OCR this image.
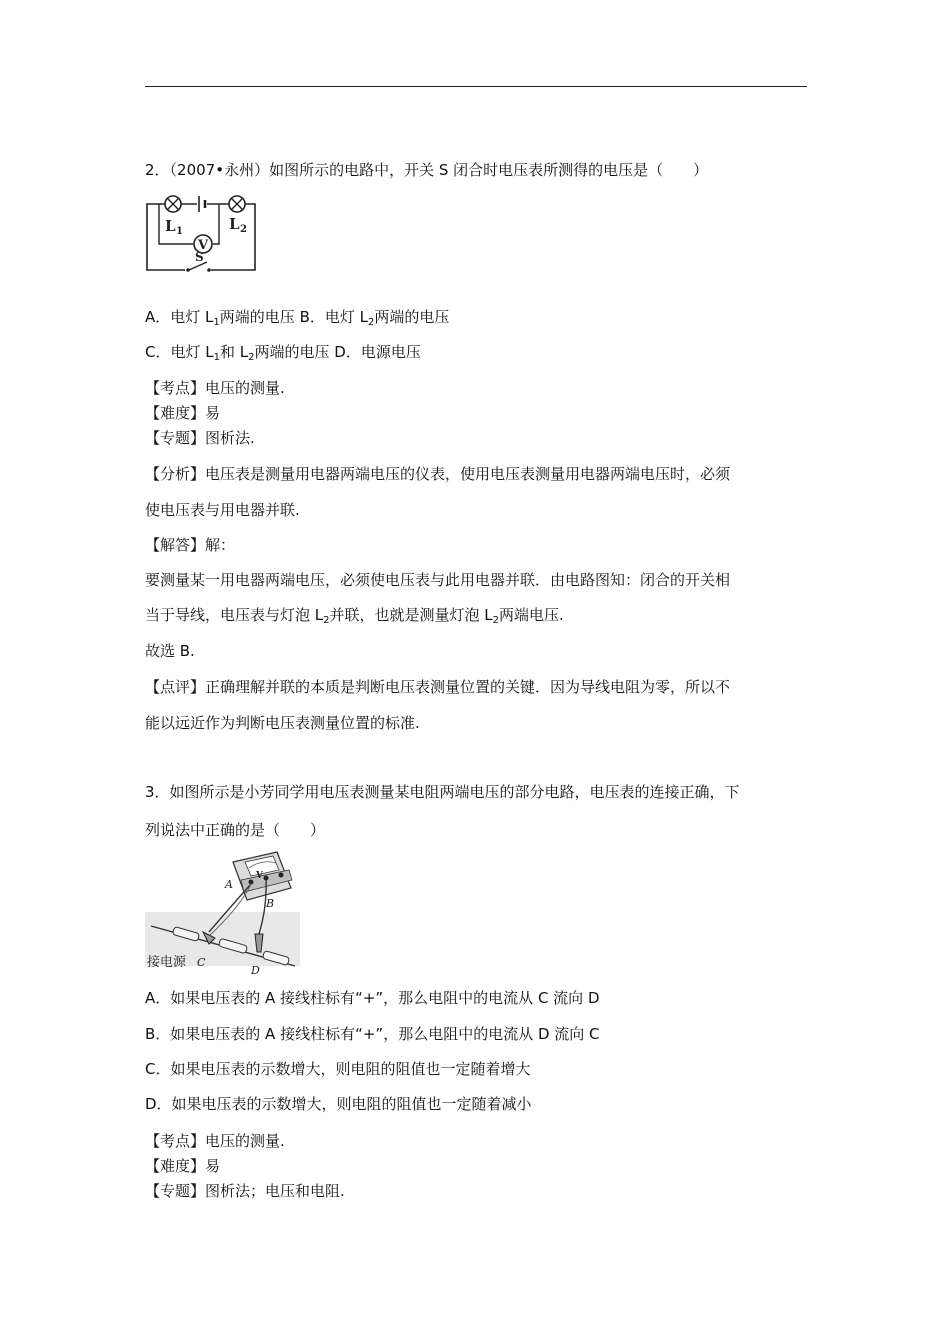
2．（2007•永州）如图所示的电路中，开关 S 闭合时电压表所测得的电压是（　　）
V
L 1	L 2
S
A．电灯 $L_1$两端的电压 B．电灯 $L_2$两端的电压
C．电灯 $L_1$和 $L_2$两端的电压 D．电源电压
【考点】电压的测量.
【难度】易
【专题】图析法.
【分析】电压表是测量用电器两端电压的仪表，使用电压表测量用电器两端电压时，必须
使电压表与用电器并联.
【解答】解：
要测量某一用电器两端电压，必须使电压表与此用电器并联．由电路图知：闭合的开关相
当于导线，电压表与灯泡 $L_2$并联，也就是测量灯泡 $L_2$两端电压.
故选 B.
【点评】正确理解并联的本质是判断电压表测量位置的关键．因为导线电阻为零，所以不
能以远近作为判断电压表测量位置的标准.
3．如图所示是小芳同学用电压表测量某电阻两端电压的部分电路，电压表的连接正确，下
列说法中正确的是（　　）
V
A
B
接电源 C
D
A．如果电压表的 A 接线柱标有“+”，那么电阻中的电流从 C 流向 D
B．如果电压表的 A 接线柱标有“+”，那么电阻中的电流从 D 流向 C
C．如果电压表的示数增大，则电阻的阻值也一定随着增大
D．如果电压表的示数增大，则电阻的阻值也一定随着减小
【考点】电压的测量.
【难度】易
【专题】图析法；电压和电阻.
